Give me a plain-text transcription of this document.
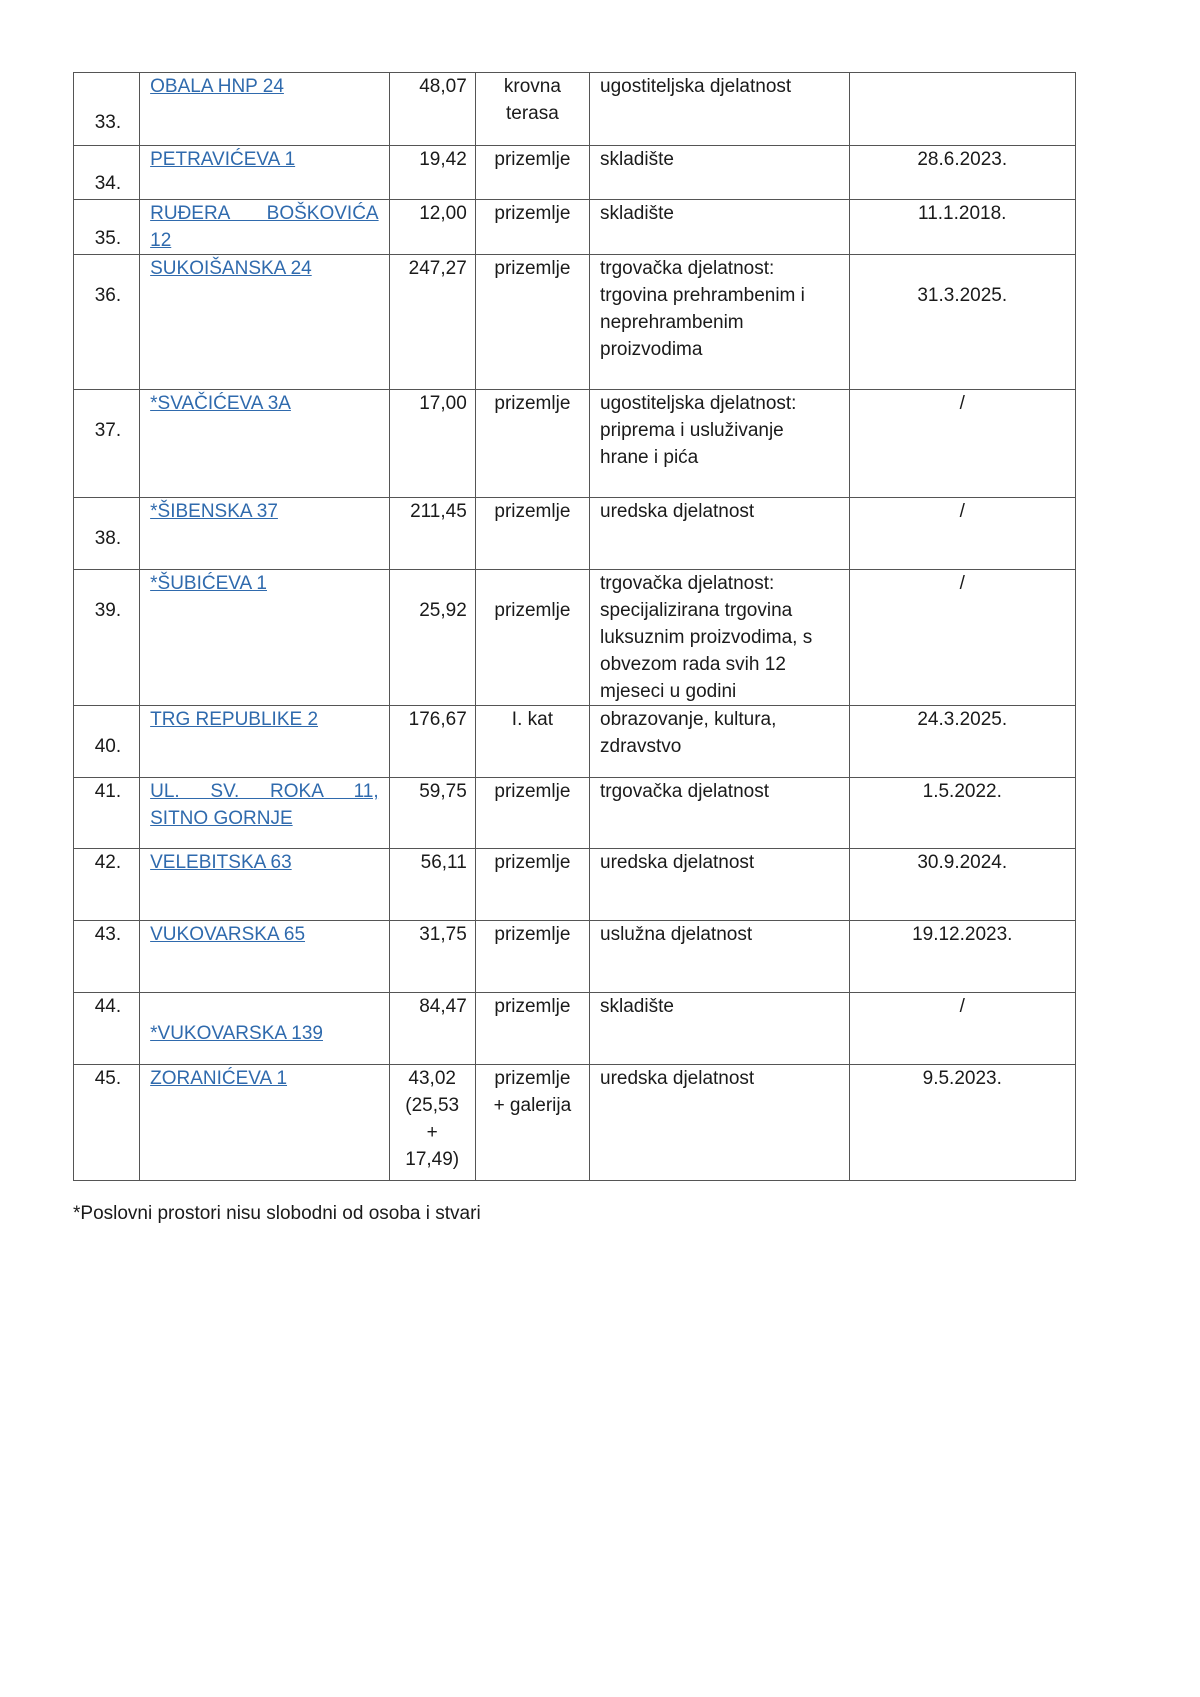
33.	OBALA HNP 24	48,07	krovna
terasa	ugostiteljska djelatnost	
34.	PETRAVIĆEVA 1	19,42	prizemlje	skladište	28.6.2023.
35.	RUĐERA BOŠKOVIĆA
12	12,00	prizemlje	skladište	11.1.2018.
36.	SUKOIŠANSKA 24	247,27	prizemlje	trgovačka djelatnost:
trgovina prehrambenim i
neprehrambenim
proizvodima	31.3.2025.
37.	*SVAČIĆEVA 3A	17,00	prizemlje	ugostiteljska djelatnost:
priprema i usluživanje
hrane i pića	/
38.	*ŠIBENSKA 37	211,45	prizemlje	uredska djelatnost	/
39.	*ŠUBIĆEVA 1	25,92	prizemlje	trgovačka djelatnost:
specijalizirana trgovina
luksuznim proizvodima, s
obvezom rada svih 12
mjeseci u godini	/
40.	TRG REPUBLIKE 2	176,67	I. kat	obrazovanje, kultura,
zdravstvo	24.3.2025.
41.	UL. SV. ROKA 11,
SITNO GORNJE	59,75	prizemlje	trgovačka djelatnost	1.5.2022.
42.	VELEBITSKA 63	56,11	prizemlje	uredska djelatnost	30.9.2024.
43.	VUKOVARSKA 65	31,75	prizemlje	uslužna djelatnost	19.12.2023.
44.	*VUKOVARSKA 139	84,47	prizemlje	skladište	/
45.	ZORANIĆEVA 1	43,02
(25,53
+
17,49)	prizemlje
+ galerija	uredska djelatnost	9.5.2023.
*Poslovni prostori nisu slobodni od osoba i stvari
